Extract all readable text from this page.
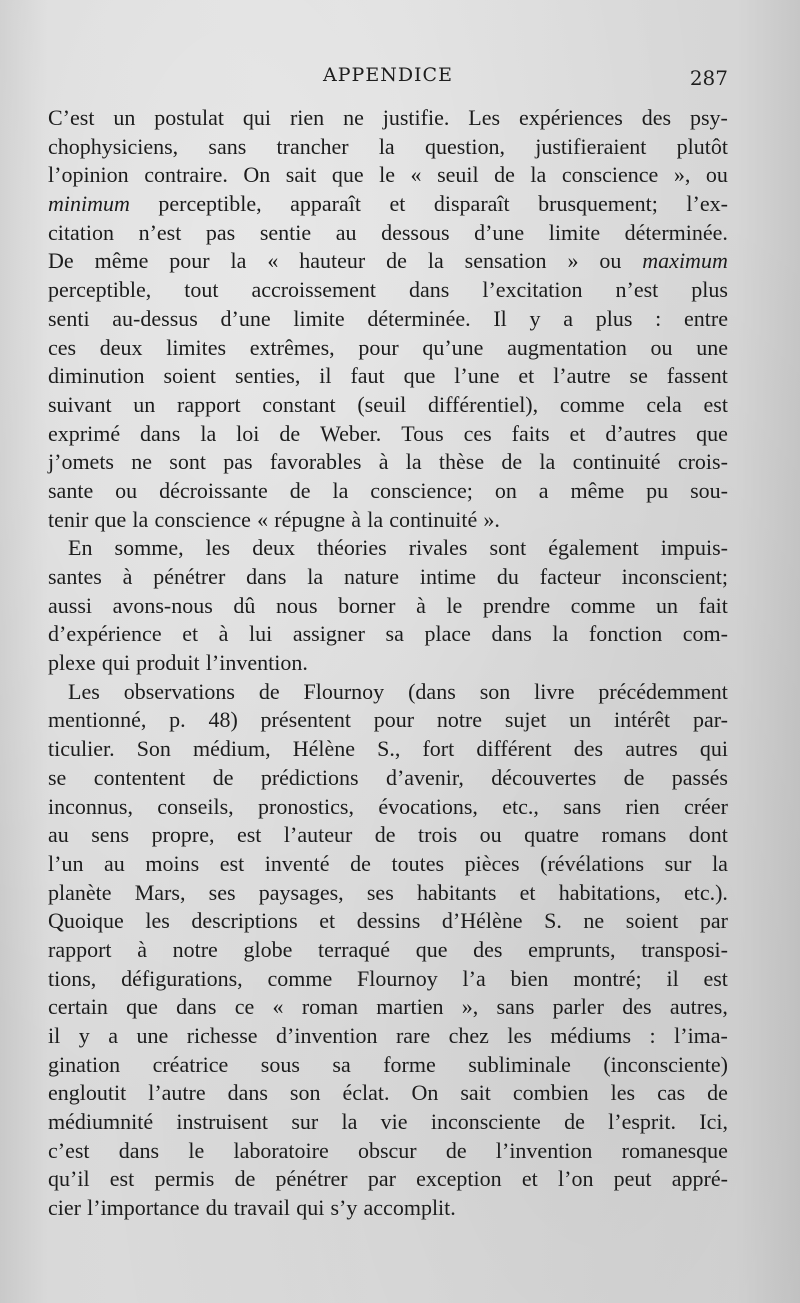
APPENDICE	287
C’est un postulat qui rien ne justifie. Les expériences des psy-
chophysiciens, sans trancher la question, justifieraient plutôt
l’opinion contraire. On sait que le « seuil de la conscience », ou
minimum perceptible, apparaît et disparaît brusquement; l’ex-
citation n’est pas sentie au dessous d’une limite déterminée.
De même pour la « hauteur de la sensation » ou maximum
perceptible, tout accroissement dans l’excitation n’est plus
senti au-dessus d’une limite déterminée. Il y a plus : entre
ces deux limites extrêmes, pour qu’une augmentation ou une
diminution soient senties, il faut que l’une et l’autre se fassent
suivant un rapport constant (seuil différentiel), comme cela est
exprimé dans la loi de Weber. Tous ces faits et d’autres que
j’omets ne sont pas favorables à la thèse de la continuité crois-
sante ou décroissante de la conscience; on a même pu sou-
tenir que la conscience « répugne à la continuité ».
En somme, les deux théories rivales sont également impuis-
santes à pénétrer dans la nature intime du facteur inconscient;
aussi avons-nous dû nous borner à le prendre comme un fait
d’expérience et à lui assigner sa place dans la fonction com-
plexe qui produit l’invention.
Les observations de Flournoy (dans son livre précédemment
mentionné, p. 48) présentent pour notre sujet un intérêt par-
ticulier. Son médium, Hélène S., fort différent des autres qui
se contentent de prédictions d’avenir, découvertes de passés
inconnus, conseils, pronostics, évocations, etc., sans rien créer
au sens propre, est l’auteur de trois ou quatre romans dont
l’un au moins est inventé de toutes pièces (révélations sur la
planète Mars, ses paysages, ses habitants et habitations, etc.).
Quoique les descriptions et dessins d’Hélène S. ne soient par
rapport à notre globe terraqué que des emprunts, transposi-
tions, défigurations, comme Flournoy l’a bien montré; il est
certain que dans ce « roman martien », sans parler des autres,
il y a une richesse d’invention rare chez les médiums : l’ima-
gination créatrice sous sa forme subliminale (inconsciente)
engloutit l’autre dans son éclat. On sait combien les cas de
médiumnité instruisent sur la vie inconsciente de l’esprit. Ici,
c’est dans le laboratoire obscur de l’invention romanesque
qu’il est permis de pénétrer par exception et l’on peut appré-
cier l’importance du travail qui s’y accomplit.
